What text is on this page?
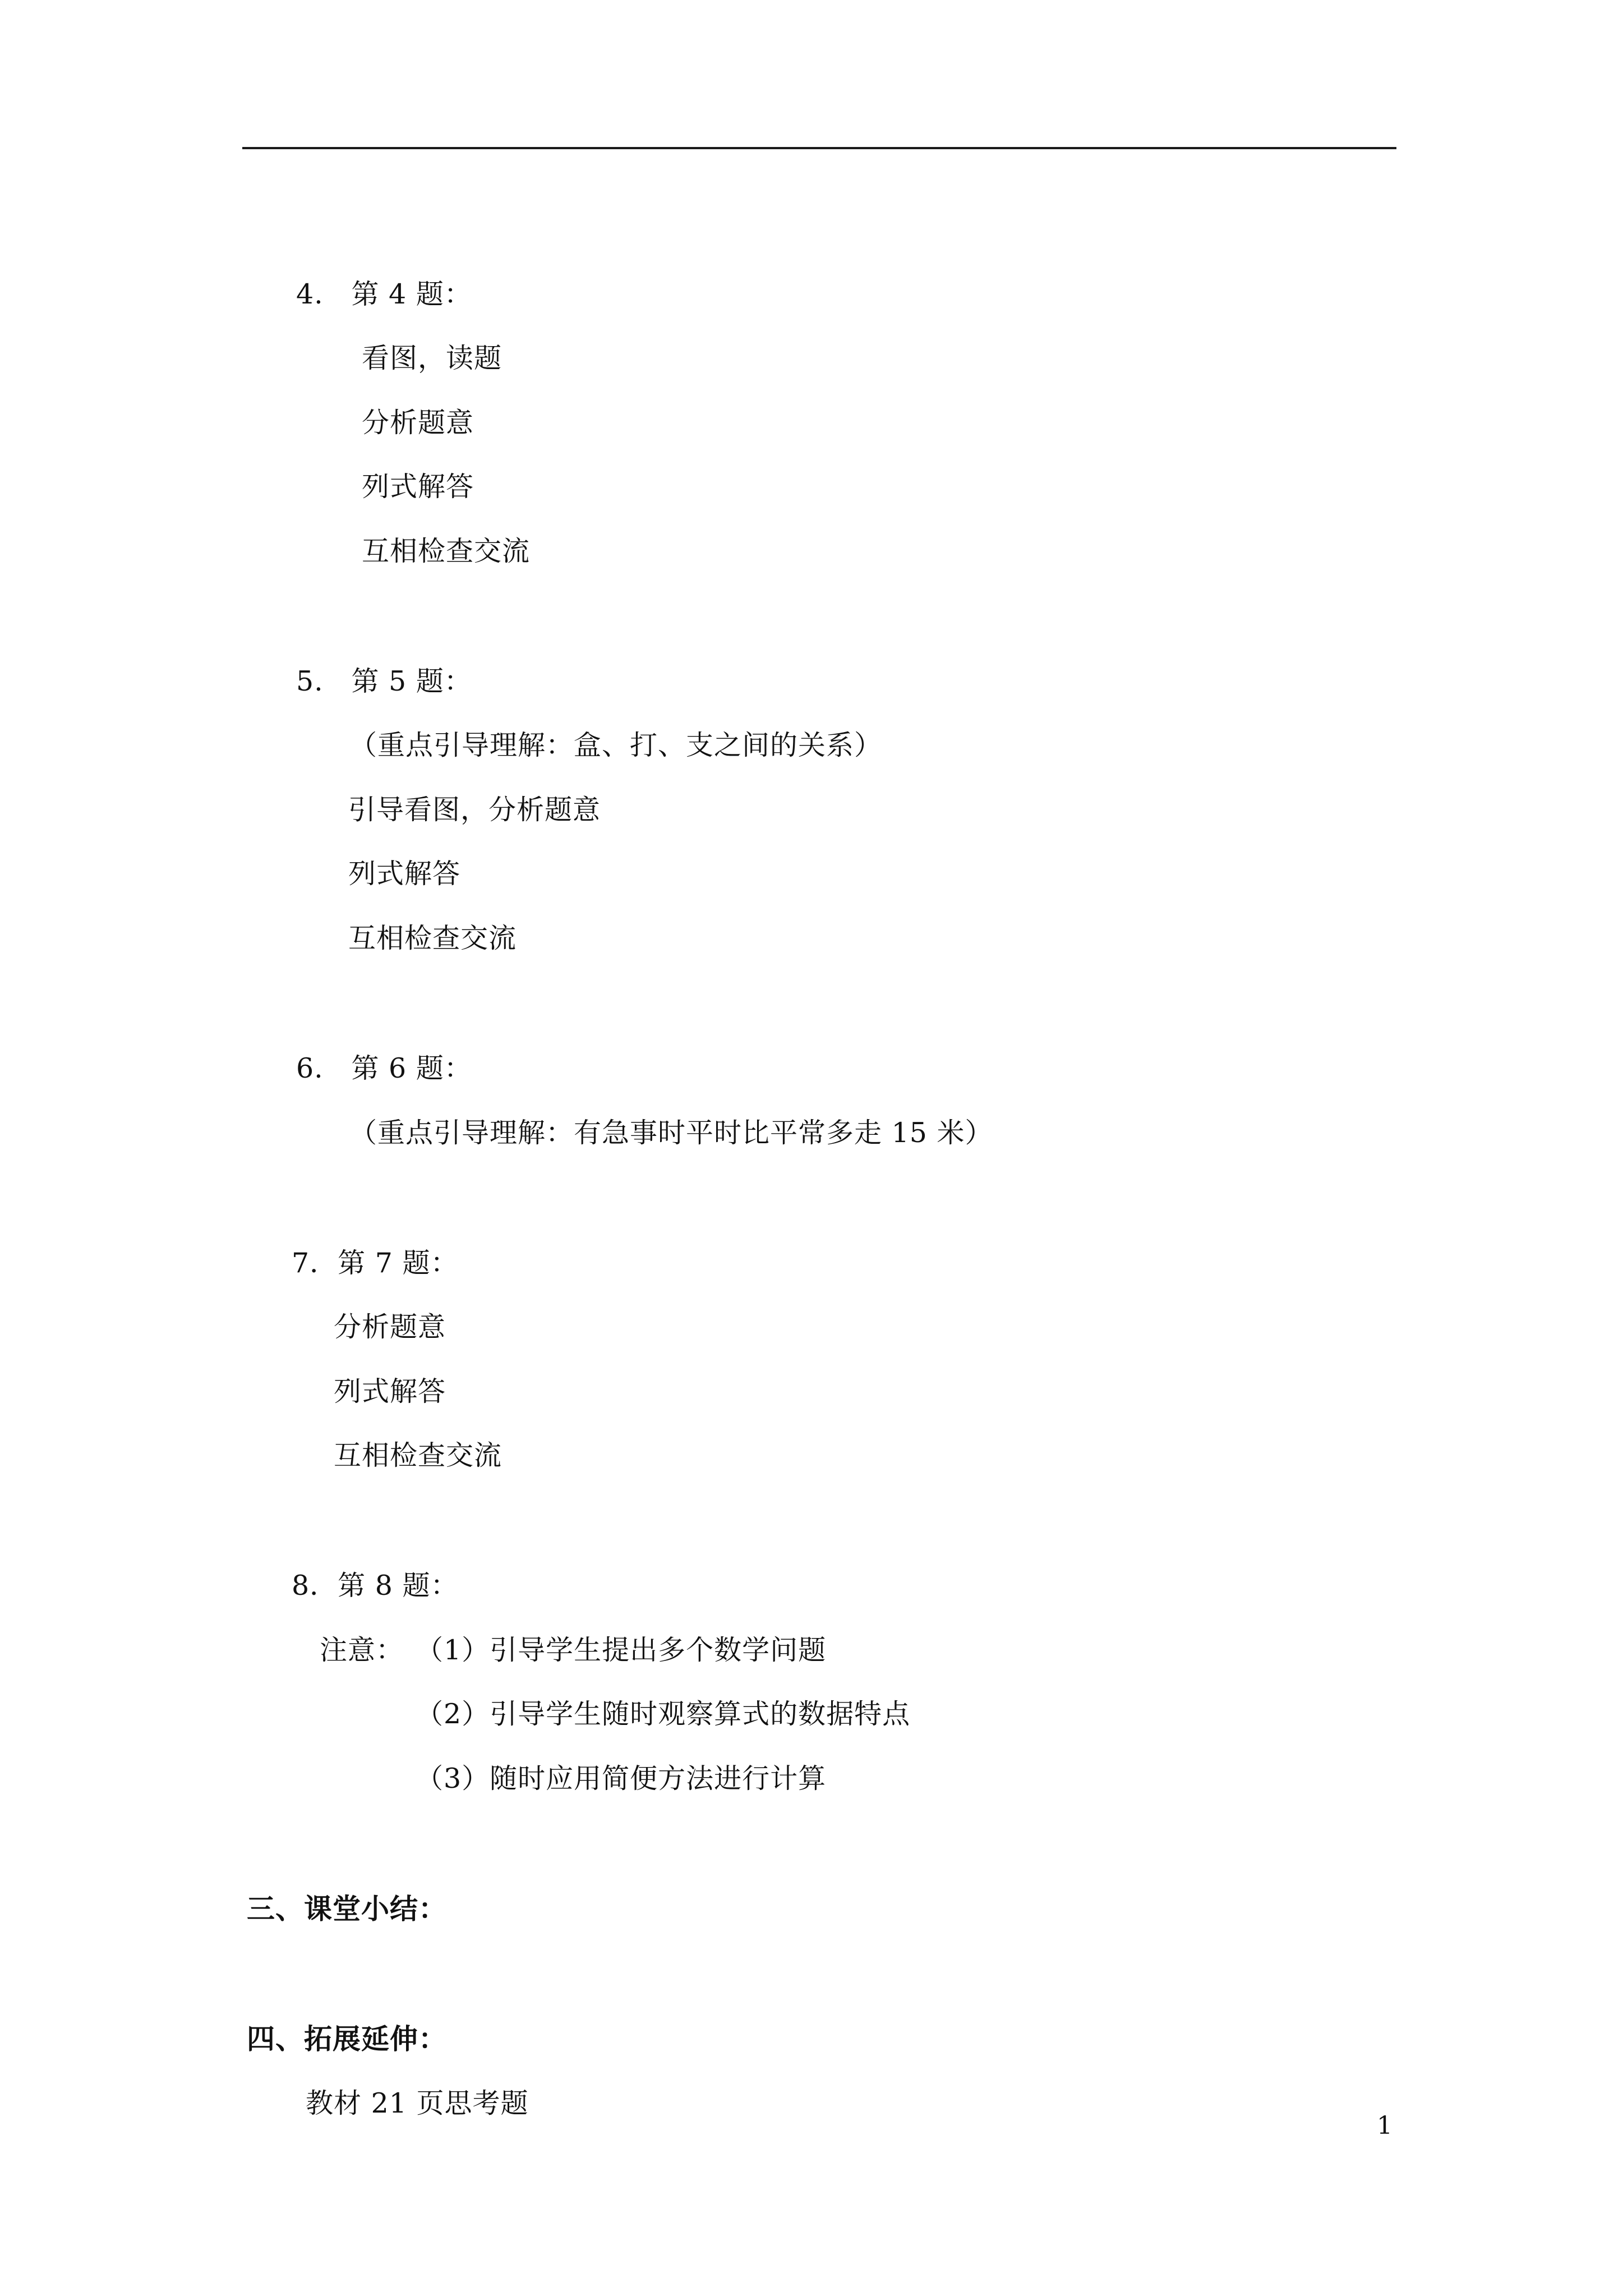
4.   第 4 题：
看图，读题
分析题意
列式解答
互相检查交流
5.   第 5 题：
（重点引导理解：盒、打、支之间的关系）
引导看图，分析题意
列式解答
互相检查交流
6.   第 6 题：
（重点引导理解：有急事时平时比平常多走 15 米）
7．第 7 题：
分析题意
列式解答
互相检查交流
8．第 8 题：
注意： （1）引导学生提出多个数学问题
（2）引导学生随时观察算式的数据特点
（3）随时应用简便方法进行计算
三、课堂小结：
四、拓展延伸：
教材 21 页思考题
1
